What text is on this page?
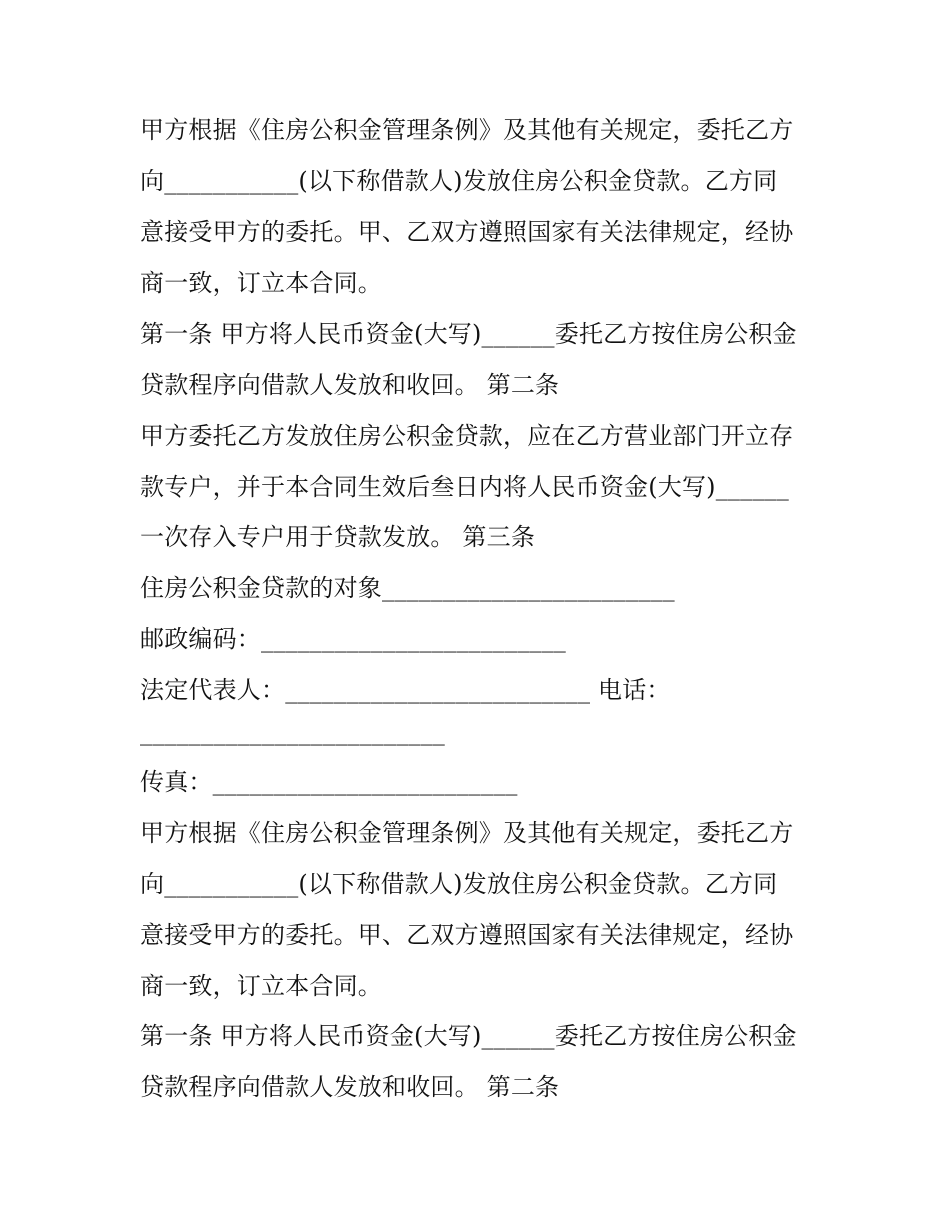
甲方根据《住房公积金管理条例》及其他有关规定，委托乙方
向___________(以下称借款人)发放住房公积金贷款。乙方同
意接受甲方的委托。甲、乙双方遵照国家有关法律规定，经协
商一致，订立本合同。
第一条 甲方将人民币资金(大写)______委托乙方按住房公积金
贷款程序向借款人发放和收回。 第二条
甲方委托乙方发放住房公积金贷款，应在乙方营业部门开立存
款专户，并于本合同生效后叁日内将人民币资金(大写)______
一次存入专户用于贷款发放。 第三条
住房公积金贷款的对象________________________
邮政编码：_________________________
法定代表人：_________________________ 电话：
_________________________
传真：_________________________
甲方根据《住房公积金管理条例》及其他有关规定，委托乙方
向___________(以下称借款人)发放住房公积金贷款。乙方同
意接受甲方的委托。甲、乙双方遵照国家有关法律规定，经协
商一致，订立本合同。
第一条 甲方将人民币资金(大写)______委托乙方按住房公积金
贷款程序向借款人发放和收回。 第二条
